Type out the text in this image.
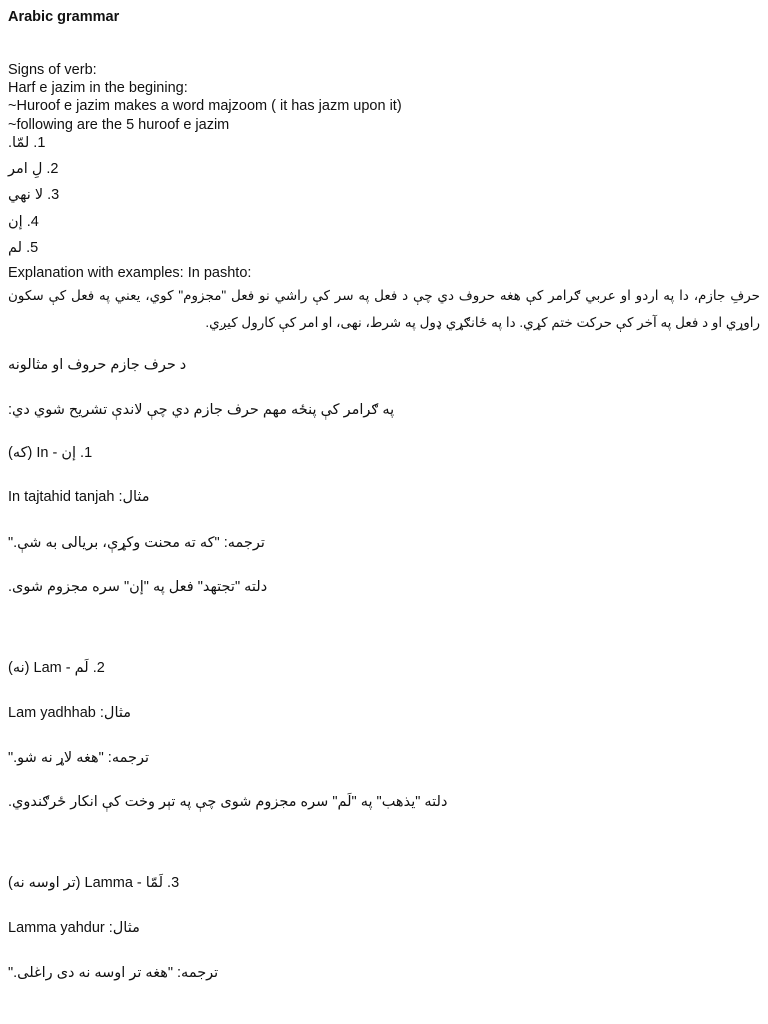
Arabic grammar
Signs of verb:
Harf e jazim in the begining:
~Huroof e jazim makes a word majzoom ( it has jazm upon it)
~following are the 5 huroof e jazim
1. لمّا.
2. لِ امر
3. لا نهي
4. إن
5. لم
Explanation with examples: In pashto:
حرفِ جازم، دا په اردو او عربي ګرامر کې هغه حروف دي چې د فعل په سر کې راشي نو فعل "مجزوم" کوي، يعني په فعل کې سکون راوړي او د فعل په آخر کې حرکت ختم کړي. دا په ځانګړي ډول په شرط، نهی، او امر کې کارول کیږي.
د حرف جازم حروف او مثالونه
په ګرامر کې پنځه مهم حرف جازم دي چې لاندې تشریح شوي دي:
1. إن - In (که)
مثال: In tajtahid tanjah
ترجمه: "که ته محنت وکړې، بریالی به شې."
دلته "تجتهد" فعل په "إن" سره مجزوم شوی.
2. لَم - Lam (نه)
مثال: Lam yadhhab
ترجمه: "هغه لاړ نه شو."
دلته "يذهب" په "لَم" سره مجزوم شوی چې په تېر وخت کې انکار ځرګندوي.
3. لَمّا - Lamma (تر اوسه نه)
مثال: Lamma yahdur
ترجمه: "هغه تر اوسه نه دی راغلی."
